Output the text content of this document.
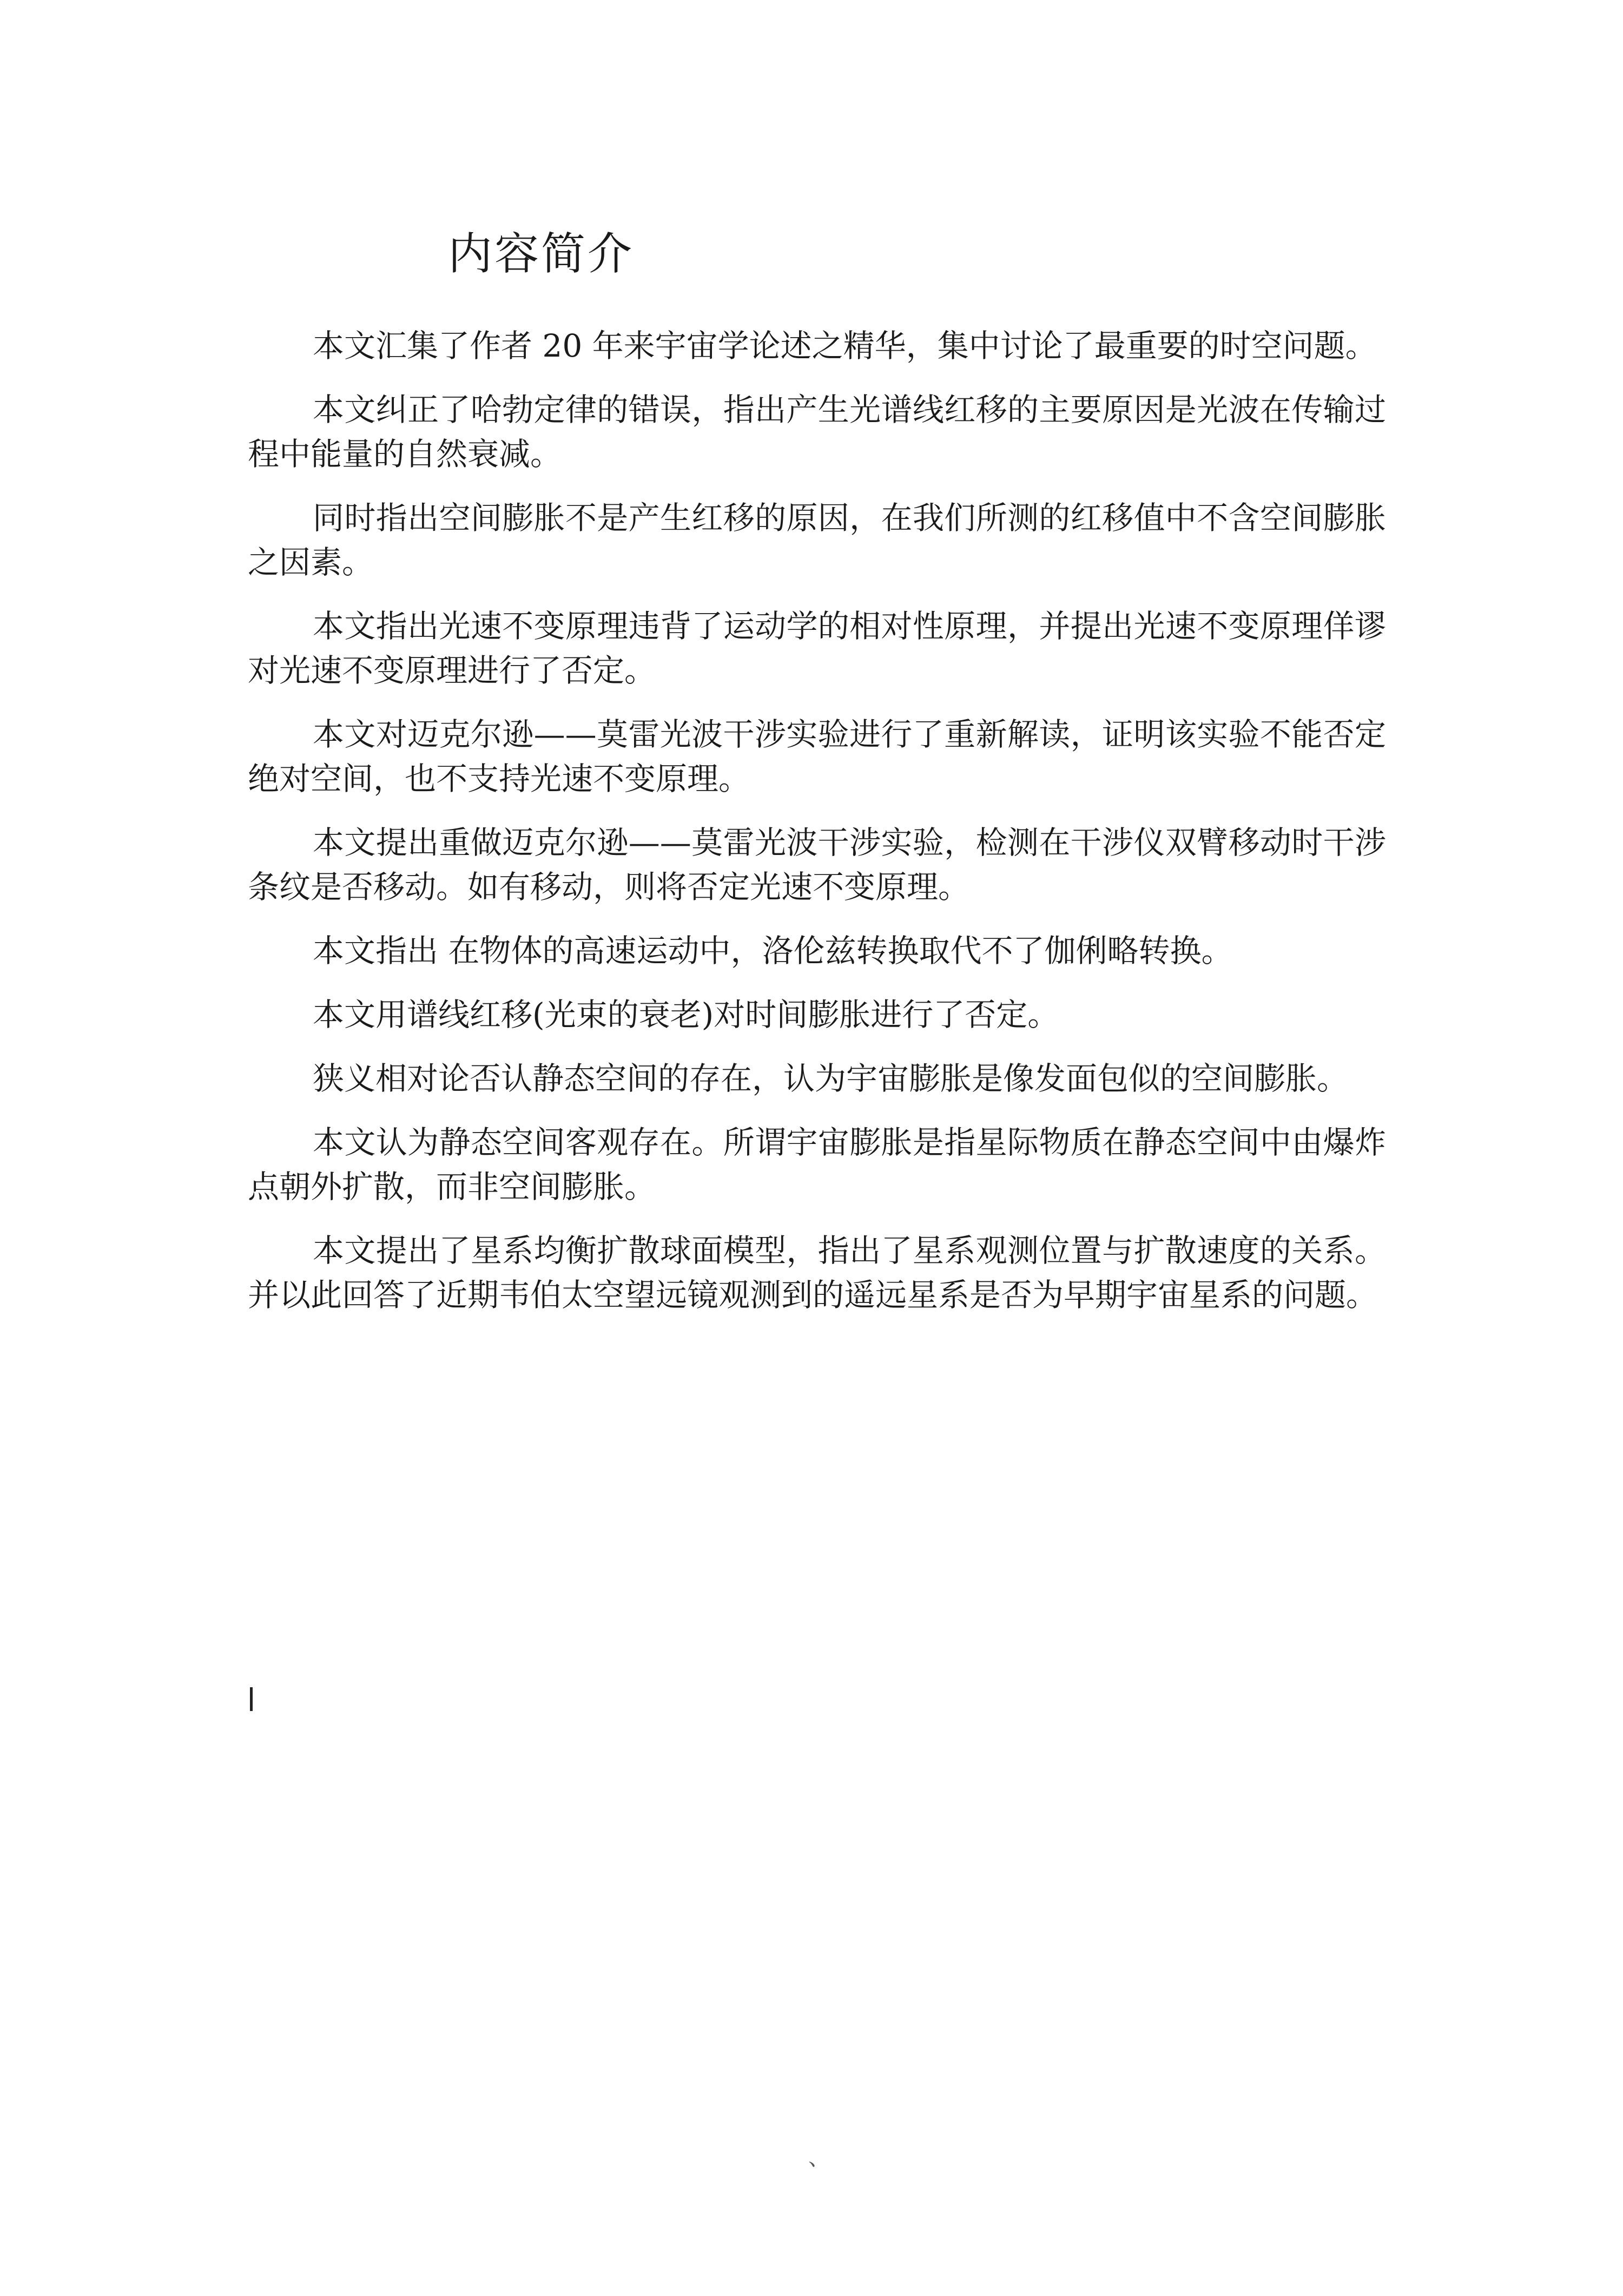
内容简介

本文汇集了作者 20 年来宇宙学论述之精华，集中讨论了最重要的时空问题。

本文纠正了哈勃定律的错误，指出产生光谱线红移的主要原因是光波在传输过程中能量的自然衰减。

同时指出空间膨胀不是产生红移的原因，在我们所测的红移值中不含空间膨胀之因素。

本文指出光速不变原理违背了运动学的相对性原理，并提出光速不变原理佯谬对光速不变原理进行了否定。

本文对迈克尔逊——莫雷光波干涉实验进行了重新解读，证明该实验不能否定绝对空间，也不支持光速不变原理。

本文提出重做迈克尔逊——莫雷光波干涉实验，检测在干涉仪双臂移动时干涉条纹是否移动。如有移动，则将否定光速不变原理。

本文指出 在物体的高速运动中，洛伦兹转换取代不了伽俐略转换。

本文用谱线红移(光束的衰老)对时间膨胀进行了否定。

狭义相对论否认静态空间的存在，认为宇宙膨胀是像发面包似的空间膨胀。

本文认为静态空间客观存在。所谓宇宙膨胀是指星际物质在静态空间中由爆炸点朝外扩散，而非空间膨胀。

本文提出了星系均衡扩散球面模型，指出了星系观测位置与扩散速度的关系。并以此回答了近期韦伯太空望远镜观测到的遥远星系是否为早期宇宙星系的问题。

、
